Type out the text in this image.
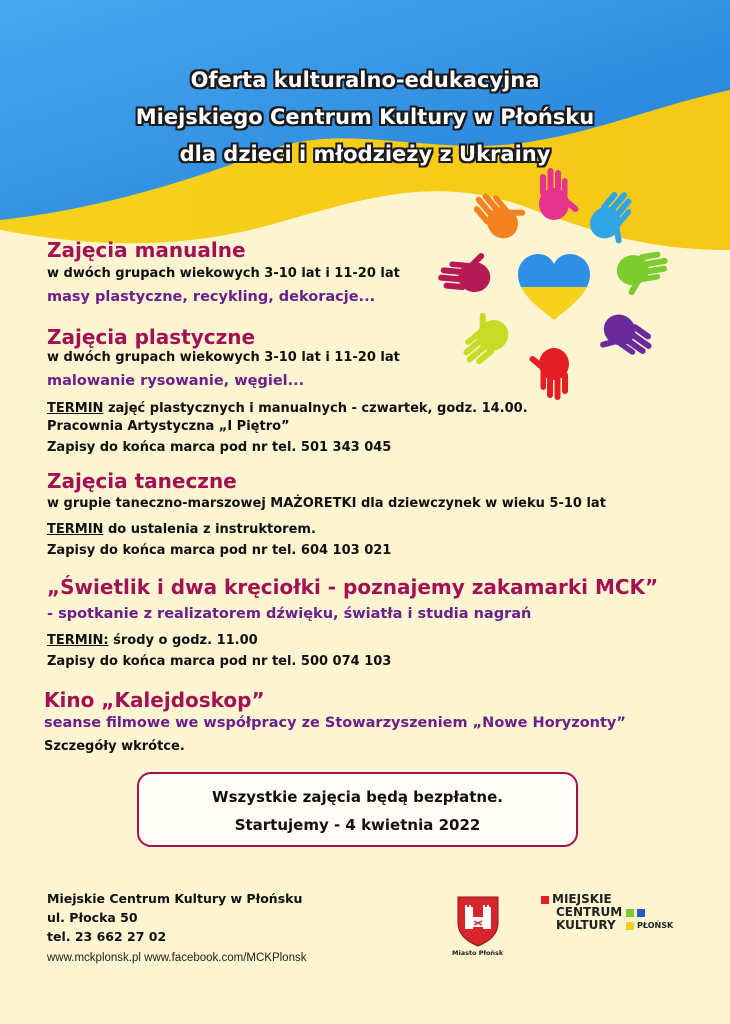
Oferta kulturalno-edukacyjna
Miejskiego Centrum Kultury w Płońsku
dla dzieci i młodzieży z Ukrainy
Zajęcia manualne
w dwóch grupach wiekowych 3-10 lat i 11-20 lat
masy plastyczne, recykling, dekoracje...
Zajęcia plastyczne
w dwóch grupach wiekowych 3-10 lat i 11-20 lat
malowanie rysowanie, węgiel...
TERMIN zajęć plastycznych i manualnych - czwartek, godz. 14.00.
Pracownia Artystyczna „I Piętro”
Zapisy do końca marca pod nr tel. 501 343 045
Zajęcia taneczne
w grupie taneczno-marszowej MAŻORETKI dla dziewczynek w wieku 5-10 lat
TERMIN do ustalenia z instruktorem.
Zapisy do końca marca pod nr tel. 604 103 021
„Świetlik i dwa kręciołki - poznajemy zakamarki MCK”
- spotkanie z realizatorem dźwięku, światła i studia nagrań
TERMIN: środy o godz. 11.00
Zapisy do końca marca pod nr tel. 500 074 103
Kino „Kalejdoskop”
seanse filmowe we współpracy ze Stowarzyszeniem „Nowe Horyzonty”
Szczegóły wkrótce.
Wszystkie zajęcia będą bezpłatne.
Startujemy - 4 kwietnia 2022
Miejskie Centrum Kultury w Płońsku
ul. Płocka 50
tel. 23 662 27 02
www.mckplonsk.pl www.facebook.com/MCKPlonsk	Miasto Płońsk
MIEJSKIE
CENTRUM
KULTURY	PŁOŃSK
